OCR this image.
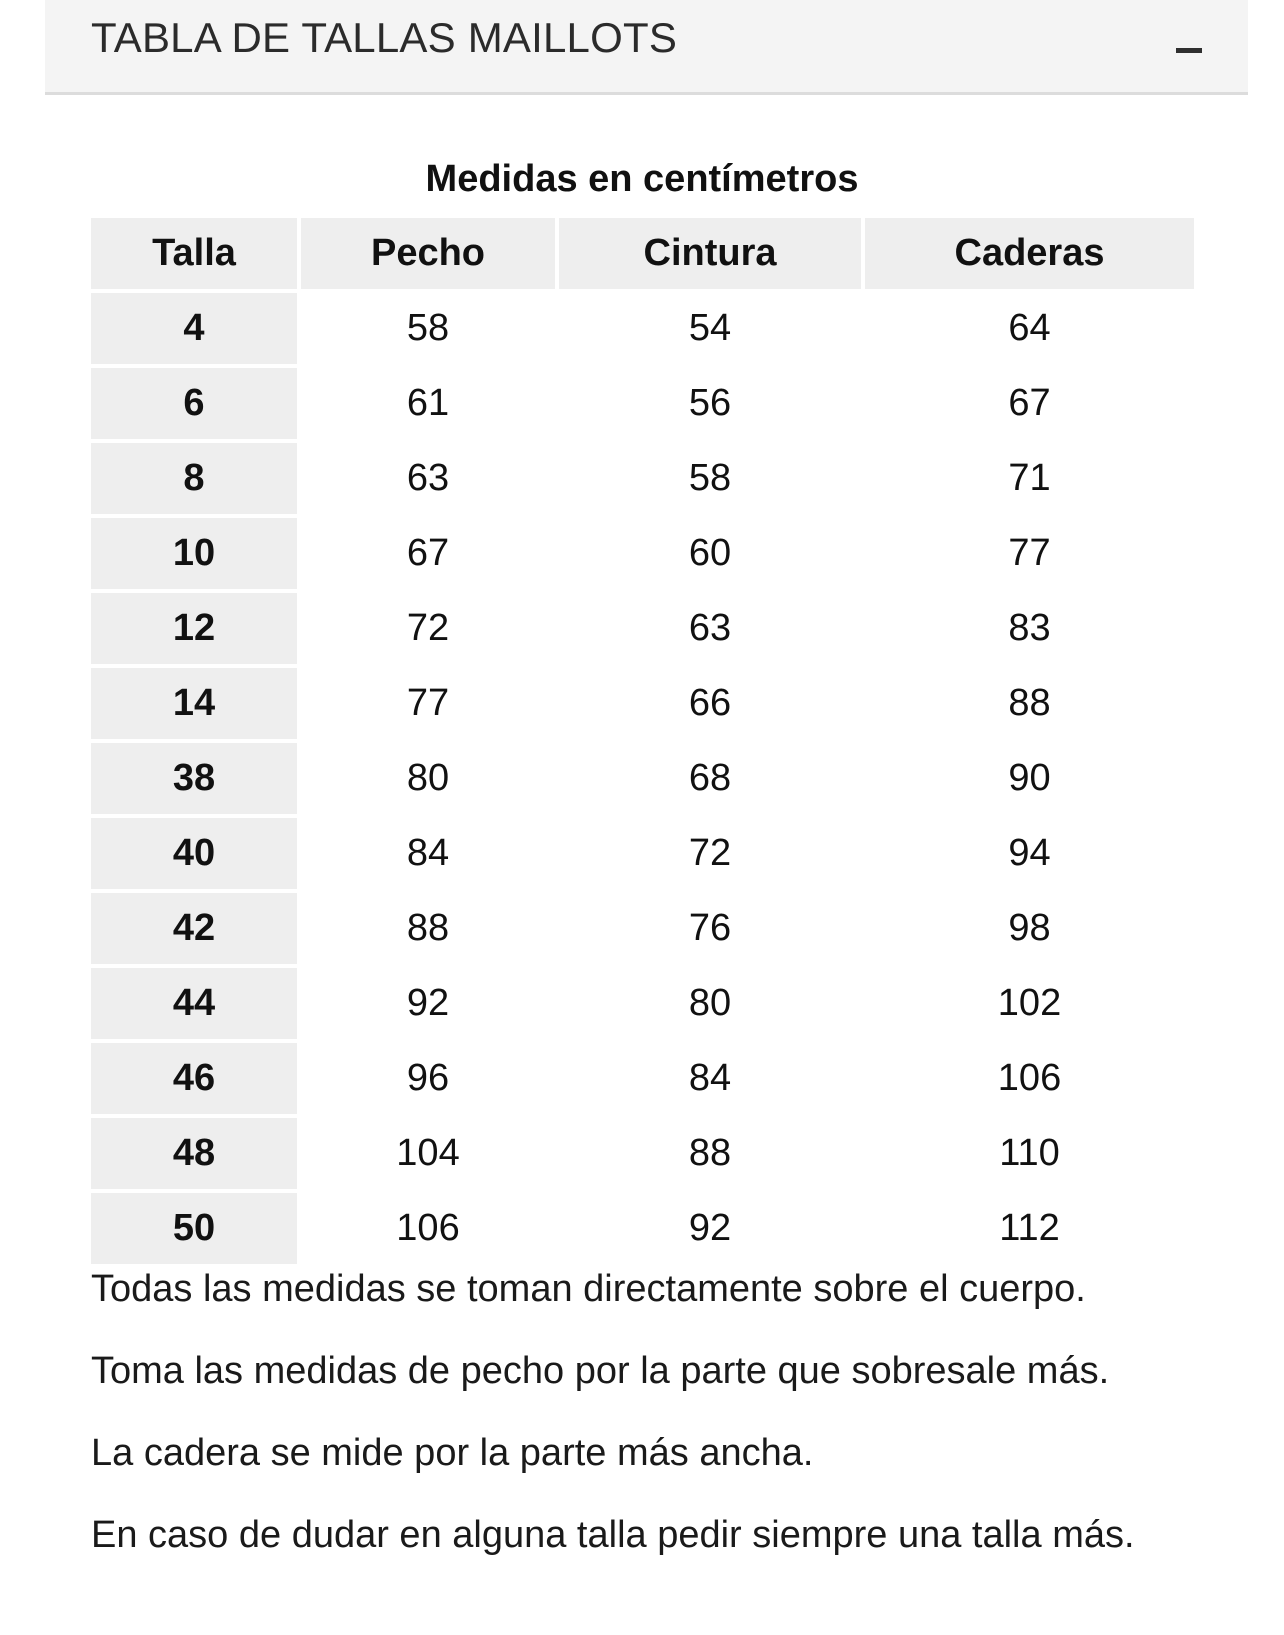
TABLA DE TALLAS MAILLOTS
Medidas en centímetros
Talla	Pecho	Cintura	Caderas
4	58	54	64
6	61	56	67
8	63	58	71
10	67	60	77
12	72	63	83
14	77	66	88
38	80	68	90
40	84	72	94
42	88	76	98
44	92	80	102
46	96	84	106
48	104	88	110
50	106	92	112

Todas las medidas se toman directamente sobre el cuerpo.

Toma las medidas de pecho por la parte que sobresale más.

La cadera se mide por la parte más ancha.

En caso de dudar en alguna talla pedir siempre una talla más.
